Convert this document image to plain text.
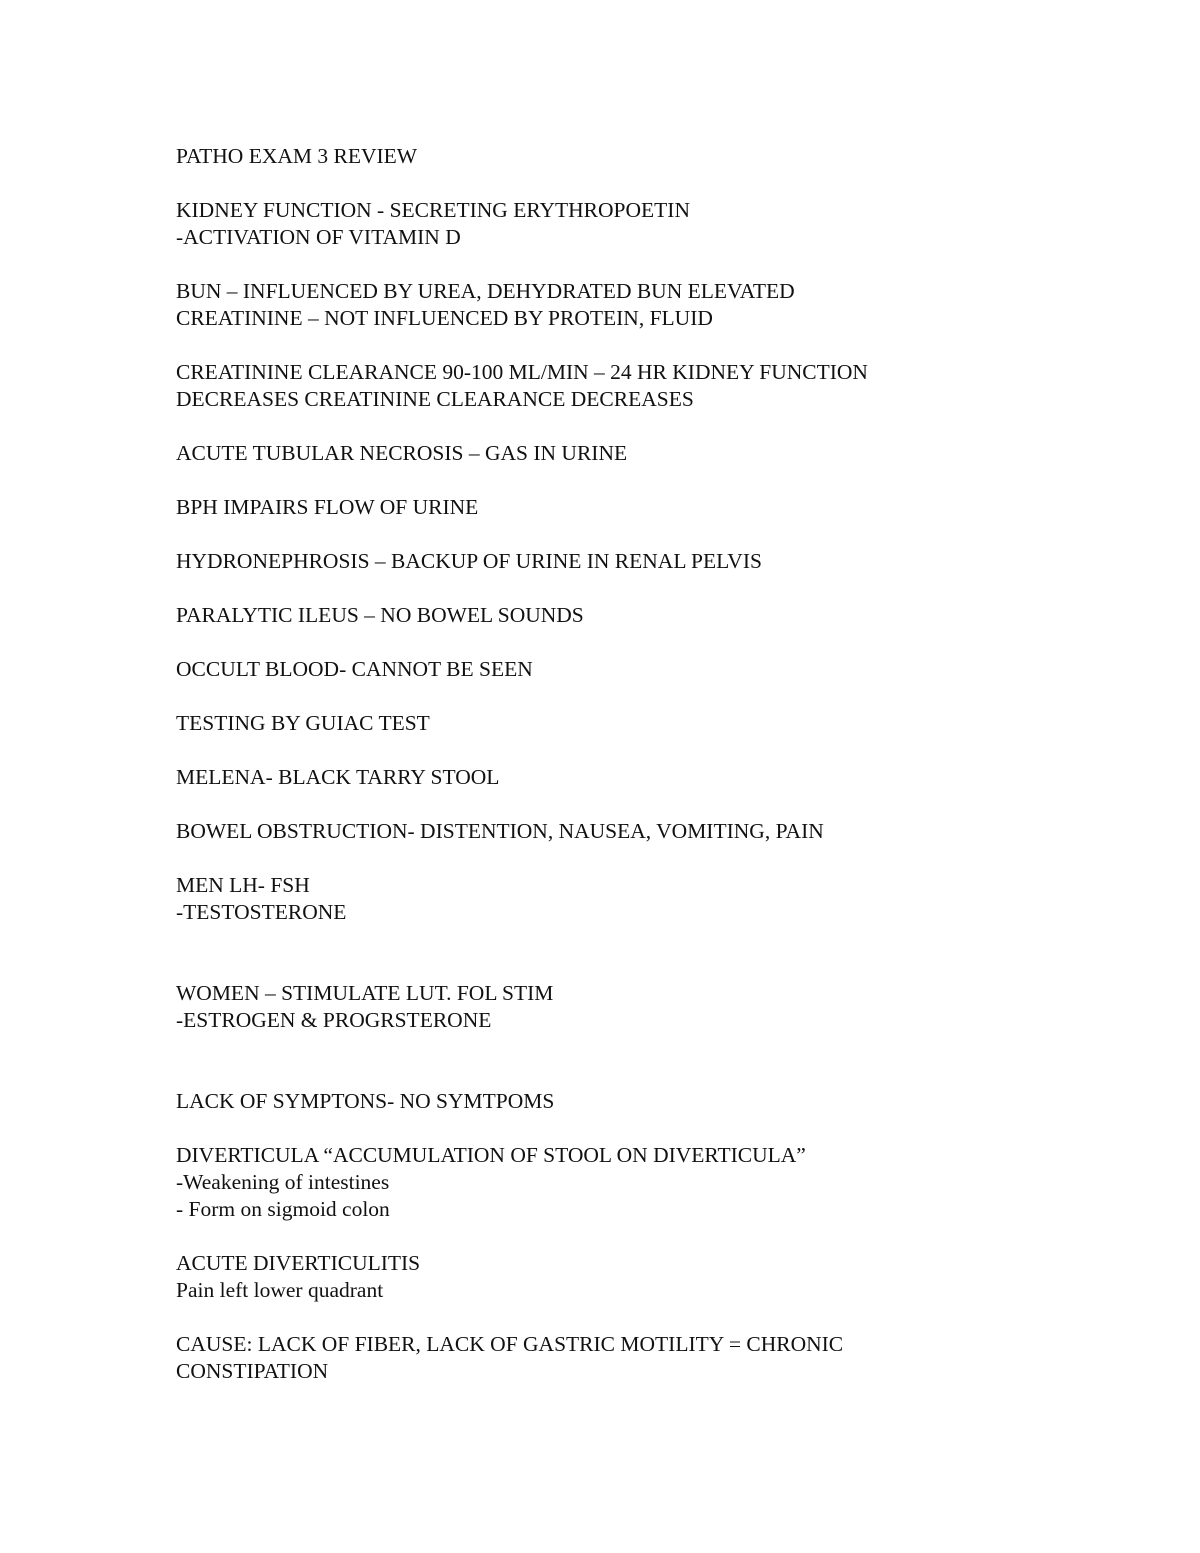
PATHO EXAM 3 REVIEW
KIDNEY FUNCTION - SECRETING ERYTHROPOETIN
-ACTIVATION OF VITAMIN D
BUN – INFLUENCED BY UREA, DEHYDRATED BUN ELEVATED
CREATININE – NOT INFLUENCED BY PROTEIN, FLUID
CREATININE CLEARANCE 90-100 ML/MIN – 24 HR KIDNEY FUNCTION
DECREASES CREATININE CLEARANCE DECREASES
ACUTE TUBULAR NECROSIS – GAS IN URINE
BPH IMPAIRS FLOW OF URINE
HYDRONEPHROSIS – BACKUP OF URINE IN RENAL PELVIS
PARALYTIC ILEUS – NO BOWEL SOUNDS
OCCULT BLOOD- CANNOT BE SEEN
TESTING BY GUIAC TEST
MELENA- BLACK TARRY STOOL
BOWEL OBSTRUCTION- DISTENTION, NAUSEA, VOMITING, PAIN
MEN LH- FSH
-TESTOSTERONE
WOMEN – STIMULATE LUT. FOL STIM
-ESTROGEN & PROGRSTERONE
LACK OF SYMPTONS- NO SYMTPOMS
DIVERTICULA “ACCUMULATION OF STOOL ON DIVERTICULA”
-Weakening of intestines
- Form on sigmoid colon
ACUTE DIVERTICULITIS
Pain left lower quadrant
CAUSE: LACK OF FIBER, LACK OF GASTRIC MOTILITY = CHRONIC
CONSTIPATION
